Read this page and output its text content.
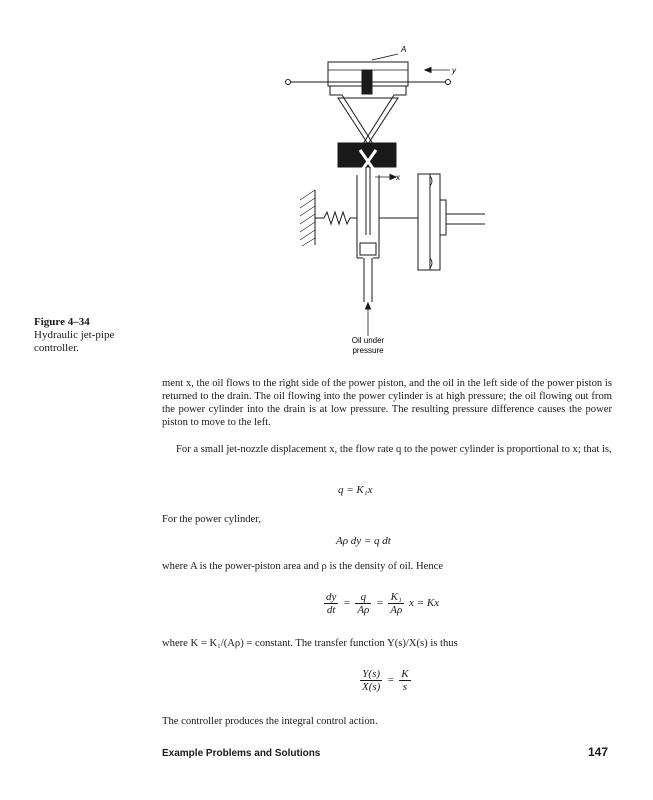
Figure 4–34
Hydraulic jet-pipe controller.
A
y
x
Oil under
pressure
ment x, the oil flows to the right side of the power piston, and the oil in the left side of the power piston is returned to the drain. The oil flowing into the power cylinder is at high pressure; the oil flowing out from the power cylinder into the drain is at low pressure. The resulting pressure difference causes the power piston to move to the left.
For a small jet-nozzle displacement x, the flow rate q to the power cylinder is proportional to x; that is,
q = K₁x
For the power cylinder,
Aρ dy = q dt
where A is the power-piston area and ρ is the density of oil. Hence
$\frac{dy}{dt} = \frac{q}{A\rho} = \frac{\text{K₁}}{A\rho}$ x = Kx
where K = K₁/(Aρ) = constant. The transfer function Y(s)/X(s) is thus
$\frac{Y(s)}{X(s)} = \frac{K}{s}$
The controller produces the integral control action.
Example Problems and Solutions	147
